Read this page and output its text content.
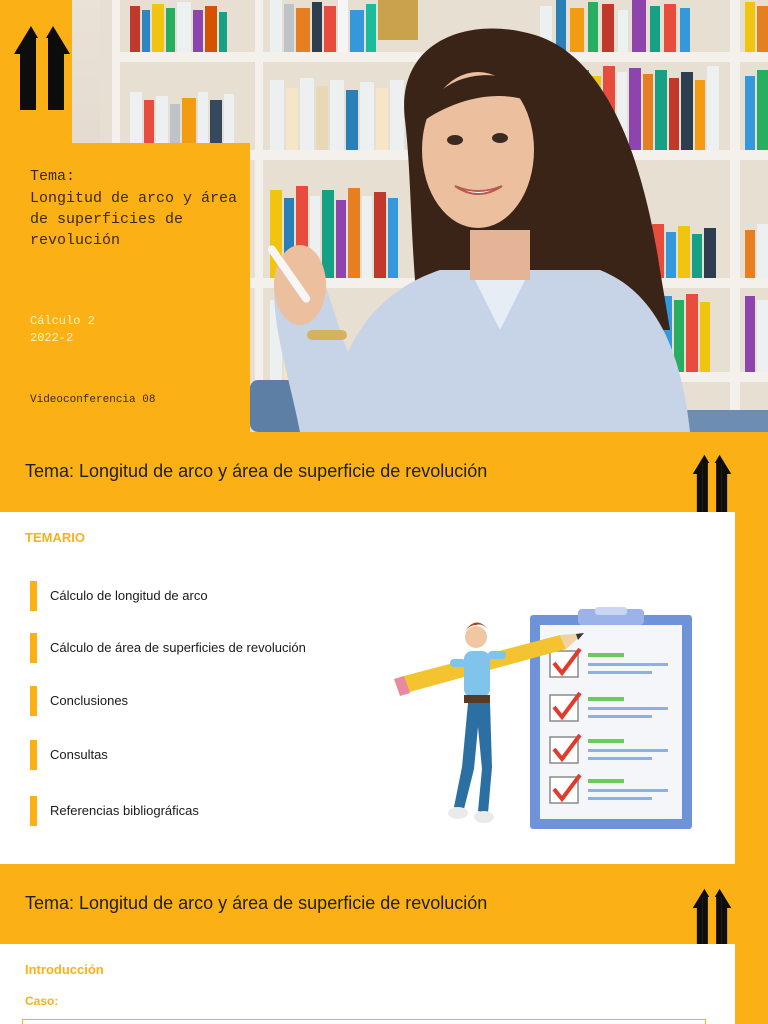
Tema:
Longitud de arco y área de superficies de revolución
Cálculo 2
2022-2
Videoconferencia 08
Tema: Longitud de arco y área de superficie de revolución
TEMARIO
Cálculo de longitud de arco
Cálculo de área de superficies de revolución
Conclusiones
Consultas
Referencias bibliográficas
Tema: Longitud de arco y área de superficie de revolución
Introducción
Caso:
